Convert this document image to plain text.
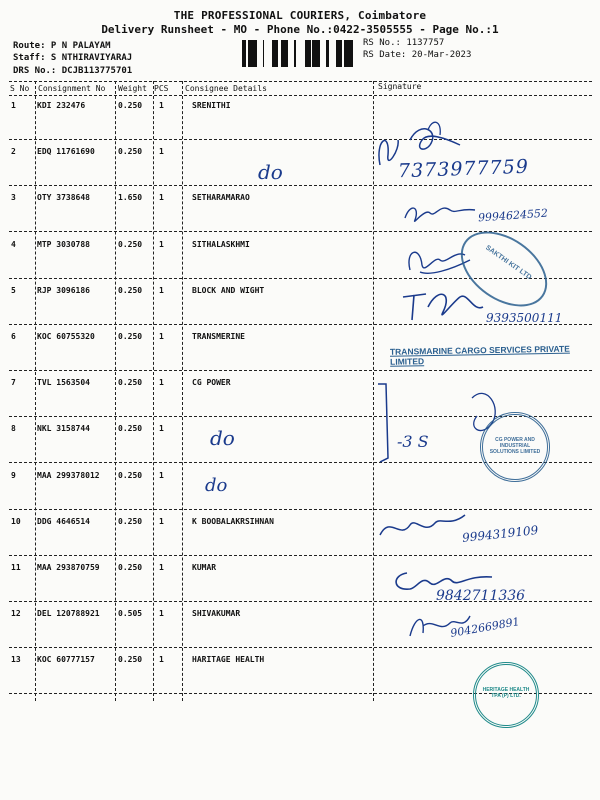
THE PROFESSIONAL COURIERS, Coimbatore
Delivery Runsheet - MO - Phone No.:0422-3505555 - Page No.:1
Route: P N PALAYAM
Staff: S NTHIRAVIYARAJ
DRS No.: DCJB113775701
RS No.: 1137757
RS Date: 20-Mar-2023
S No Consignment No Weight PCS Consignee Details	Signature
1	KDI 232476	0.250 1	SRENITHI
2	EDQ 11761690	0.250 1
3	OTY 3738648	1.650 1	SETHARAMARAO
4	MTP 3030788	0.250 1	SITHALASKHMI
5	RJP 3096186	0.250 1	BLOCK AND WIGHT
6	KOC 60755320	0.250 1	TRANSMERINE
7	TVL 1563504	0.250 1	CG POWER
8	NKL 3158744	0.250 1
9	MAA 299378012 0.250 1
10 DDG 4646514	0.250 1	K BOOBALAKRSIHNAN
11 MAA 293870759 0.250 1	KUMAR
12 DEL 120788921 0.505 1	SHIVAKUMAR
13 KOC 60777157	0.250 1	HARITAGE HEALTH
do
do
do
7373977759
9994624552
9393500111
9994319109
9842711336
9042669891
-3 S
SAKTHI KIT LTD
TRANSMARINE CARGO SERVICES PRIVATE LIMITED
CG POWER AND INDUSTRIAL SOLUTIONS LIMITED
HERITAGE HEALTH TPA (P) LTD.
